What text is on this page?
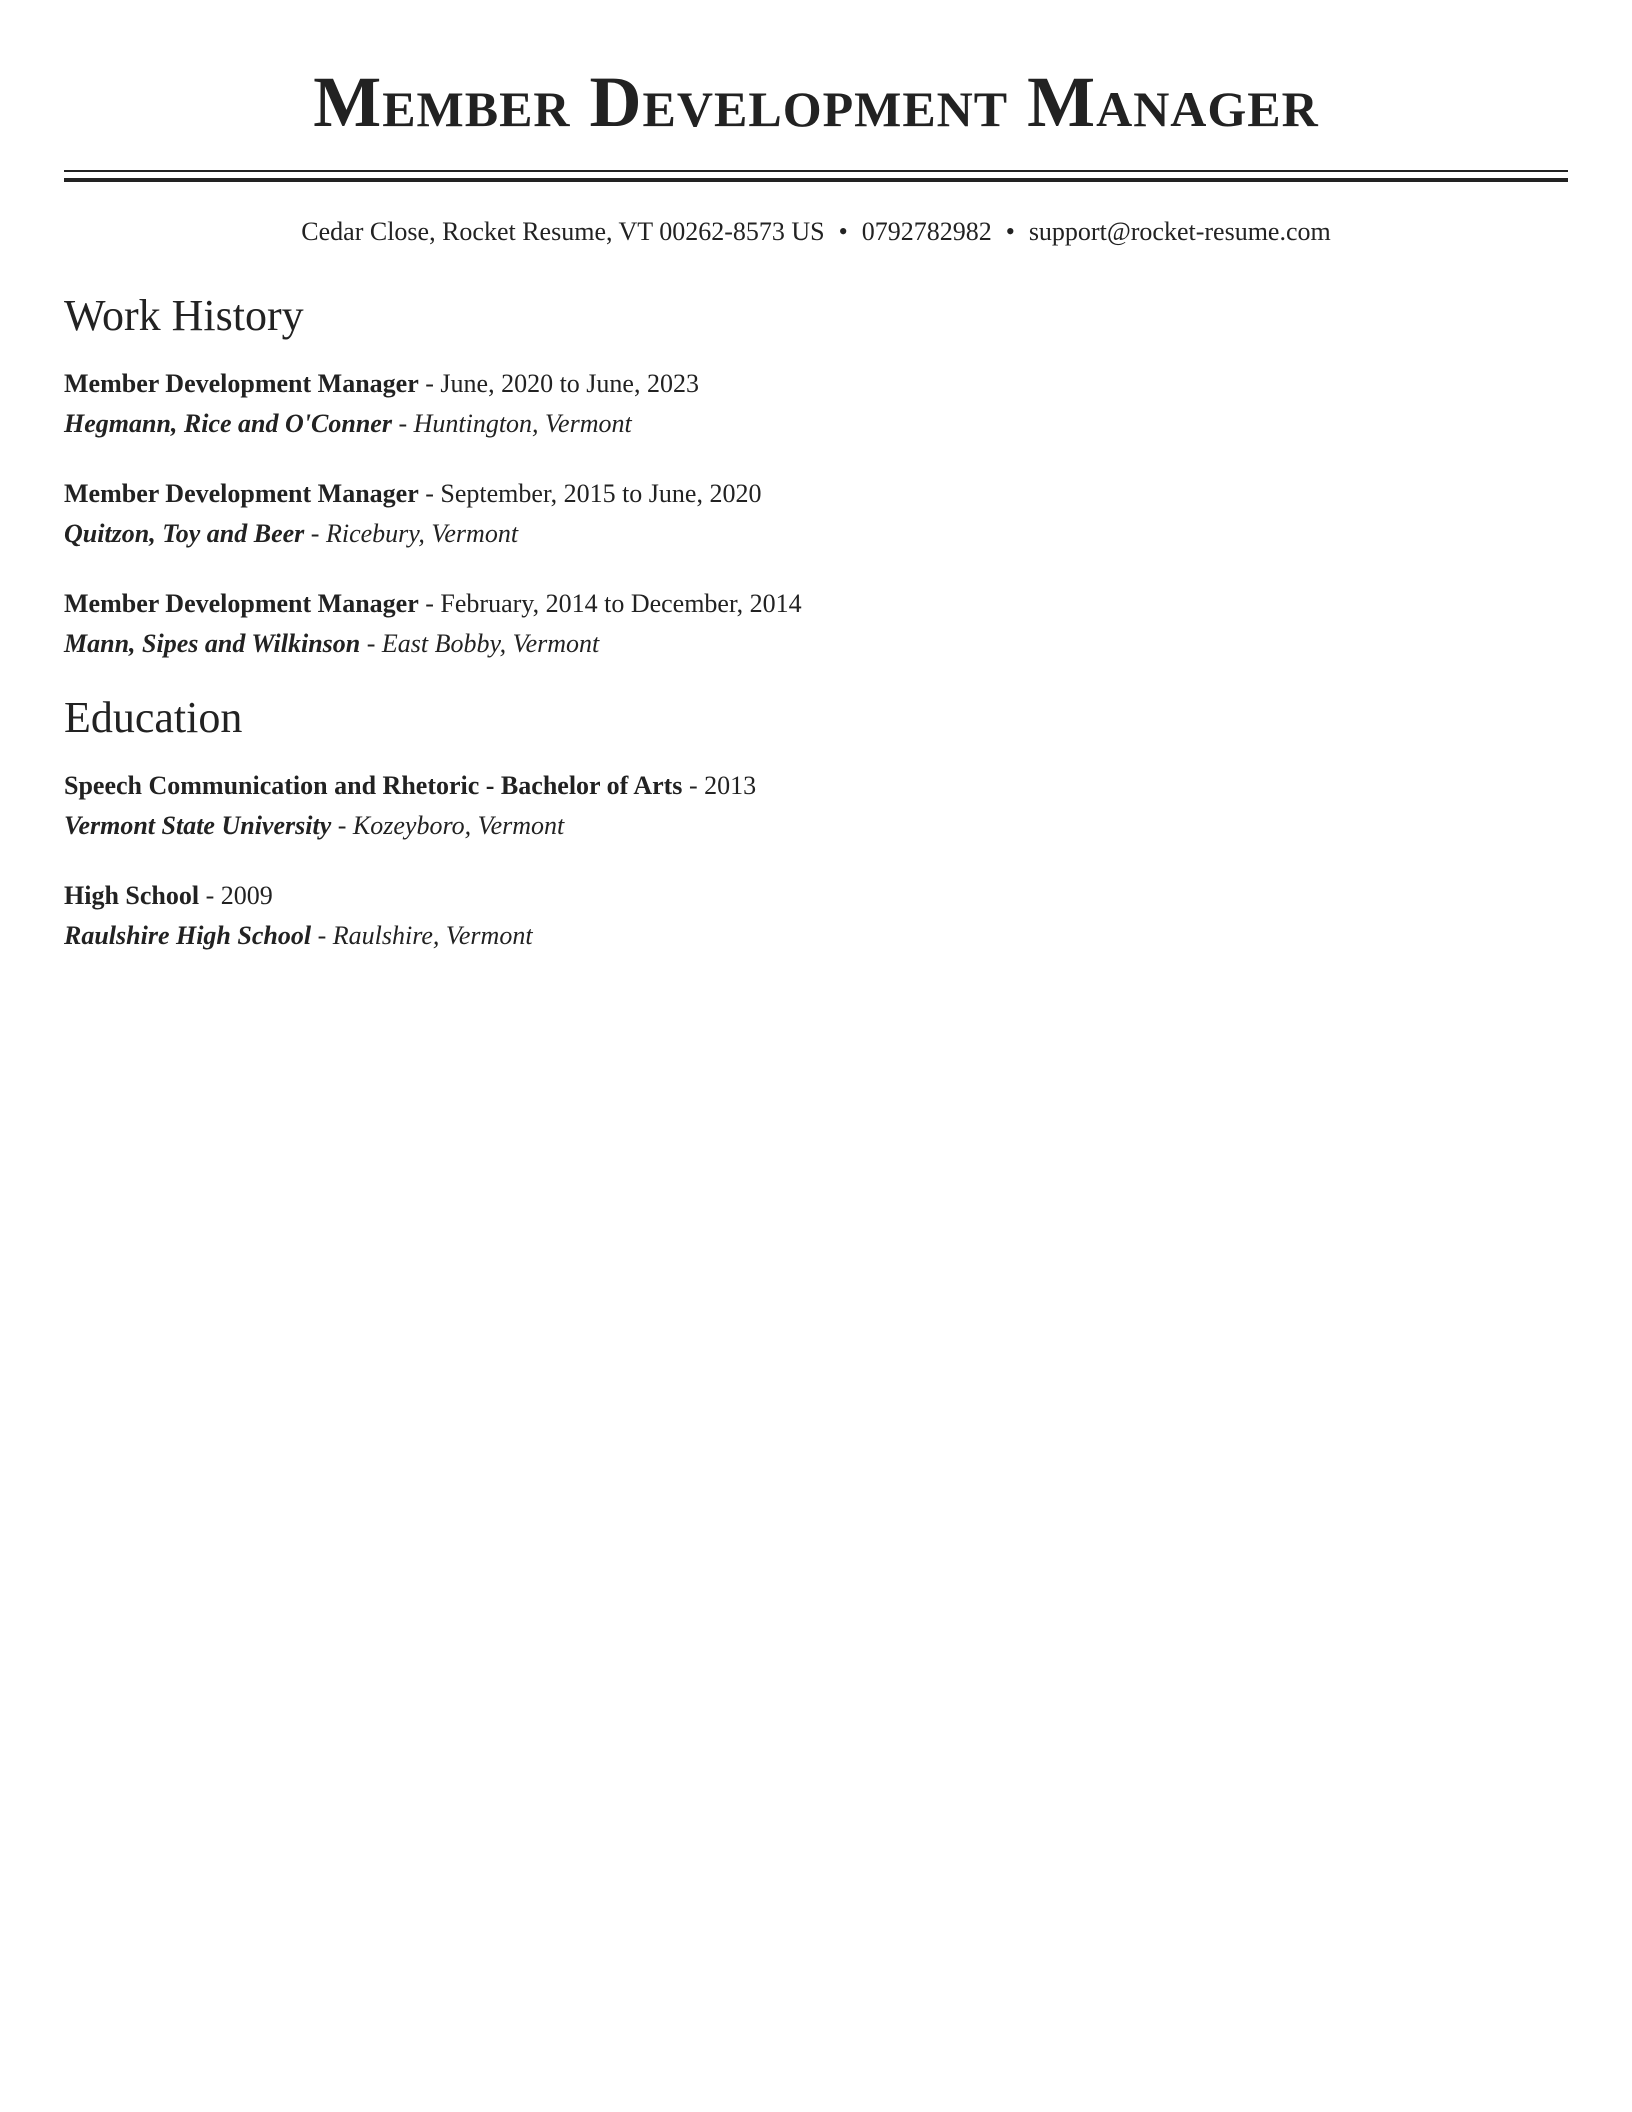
Member Development Manager
Cedar Close, Rocket Resume, VT 00262-8573 US • 0792782982 • support@rocket-resume.com
Work History
Member Development Manager - June, 2020 to June, 2023
Hegmann, Rice and O'Conner - Huntington, Vermont
Member Development Manager - September, 2015 to June, 2020
Quitzon, Toy and Beer - Ricebury, Vermont
Member Development Manager - February, 2014 to December, 2014
Mann, Sipes and Wilkinson - East Bobby, Vermont
Education
Speech Communication and Rhetoric - Bachelor of Arts - 2013
Vermont State University - Kozeyboro, Vermont
High School - 2009
Raulshire High School - Raulshire, Vermont
